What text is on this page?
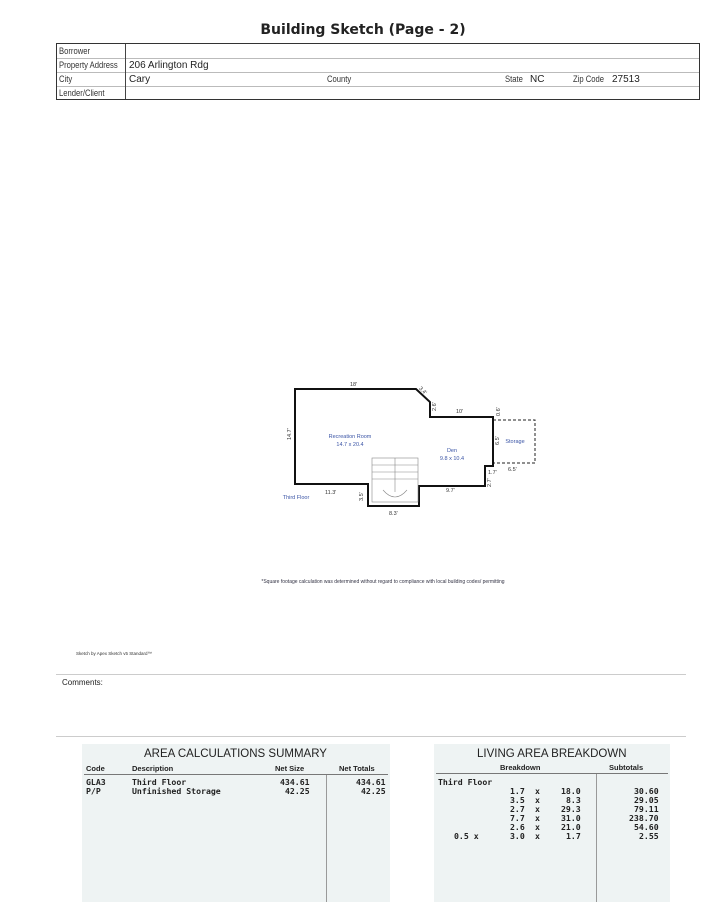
Building Sketch (Page - 2)
Borrower
Property Address 206 Arlington Rdg
City	Cary	County	State NC	Zip Code 27513
Lender/Client
18'
3.4'
2.6'
10'	0.6'
6.5'
6.5'
1.7'
2.7'
9.7'
14.7'
11.3'	3.5'
8.3'
Recreation Room
14.7 x 20.4
Den
9.8 x 10.4
Storage
Third Floor
*Square footage calculation was determined without regard to compliance with local building codes/ permitting
Sketch by Apex Sketch v5 Standard™
Comments:
AREA CALCULATIONS SUMMARY
Code	Description	Net Size	Net Totals
GLA3	Third Floor	434.61	434.61
P/P	Unfinished Storage	42.25	42.25
LIVING AREA BREAKDOWN
Breakdown	Subtotals
Third Floor
1.7 x	18.0	30.60
3.5 x	8.3	29.05
2.7 x	29.3	79.11
7.7 x	31.0	238.70
2.6 x	21.0	54.60
0.5 x	3.0 x	1.7	2.55
